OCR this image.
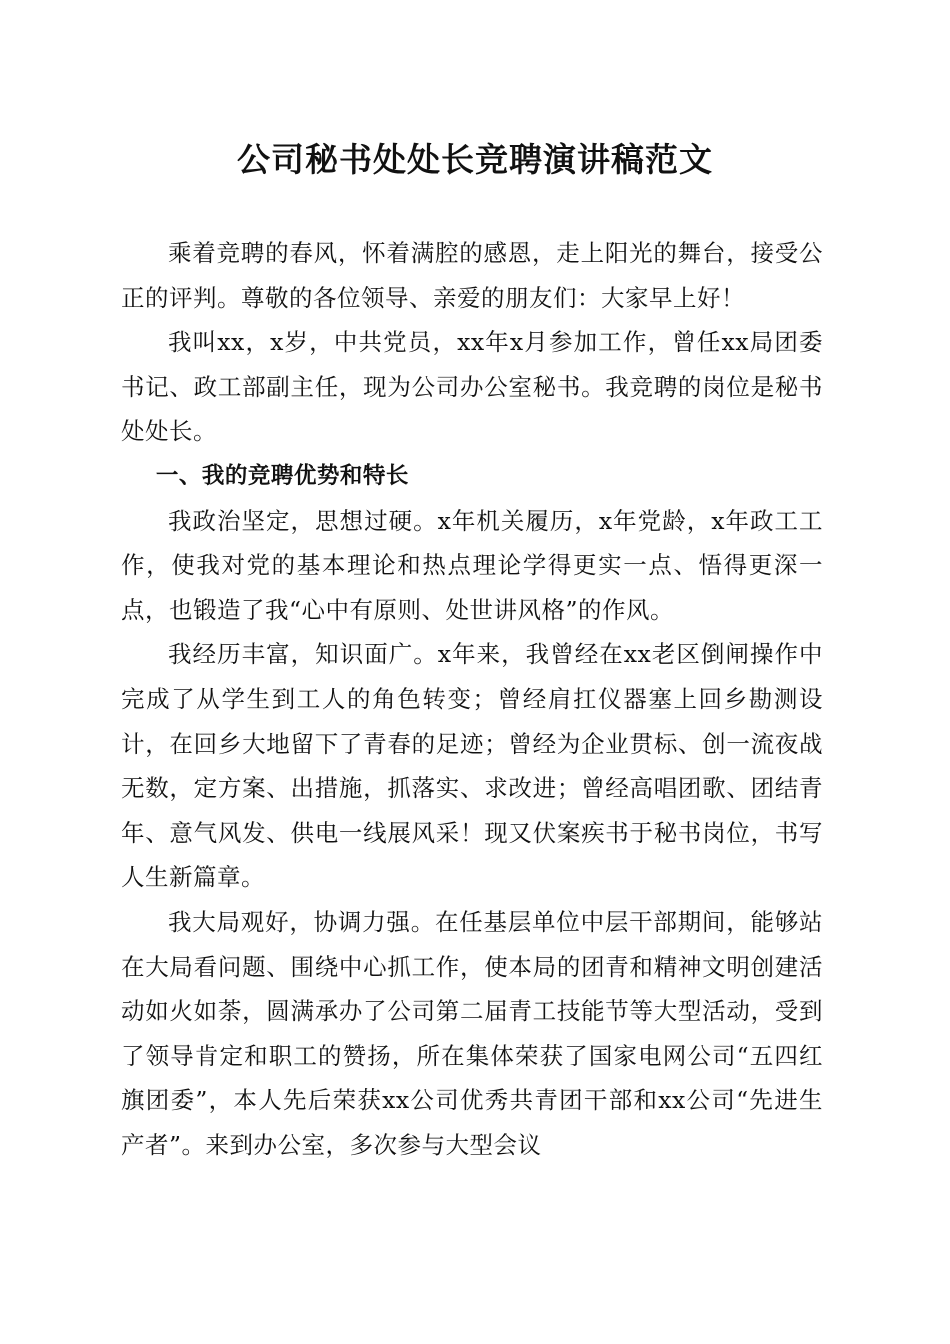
公司秘书处处长竞聘演讲稿范文

乘着竞聘的春风，怀着满腔的感恩，走上阳光的舞台，接受公正的评判。尊敬的各位领导、亲爱的朋友们：大家早上好！

我叫xx，x岁，中共党员，xx年x月参加工作，曾任xx局团委书记、政工部副主任，现为公司办公室秘书。我竞聘的岗位是秘书处处长。

一、我的竞聘优势和特长

我政治坚定，思想过硬。x年机关履历，x年党龄，x年政工工作，使我对党的基本理论和热点理论学得更实一点、悟得更深一点，也锻造了我“心中有原则、处世讲风格”的作风。

我经历丰富，知识面广。x年来，我曾经在xx老区倒闸操作中完成了从学生到工人的角色转变；曾经肩扛仪器塞上回乡勘测设计，在回乡大地留下了青春的足迹；曾经为企业贯标、创一流夜战无数，定方案、出措施，抓落实、求改进；曾经高唱团歌、团结青年、意气风发、供电一线展风采！现又伏案疾书于秘书岗位，书写人生新篇章。

我大局观好，协调力强。在任基层单位中层干部期间，能够站在大局看问题、围绕中心抓工作，使本局的团青和精神文明创建活动如火如荼，圆满承办了公司第二届青工技能节等大型活动，受到了领导肯定和职工的赞扬，所在集体荣获了国家电网公司“五四红旗团委”，本人先后荣获xx公司优秀共青团干部和xx公司“先进生产者”。来到办公室，多次参与大型会议
